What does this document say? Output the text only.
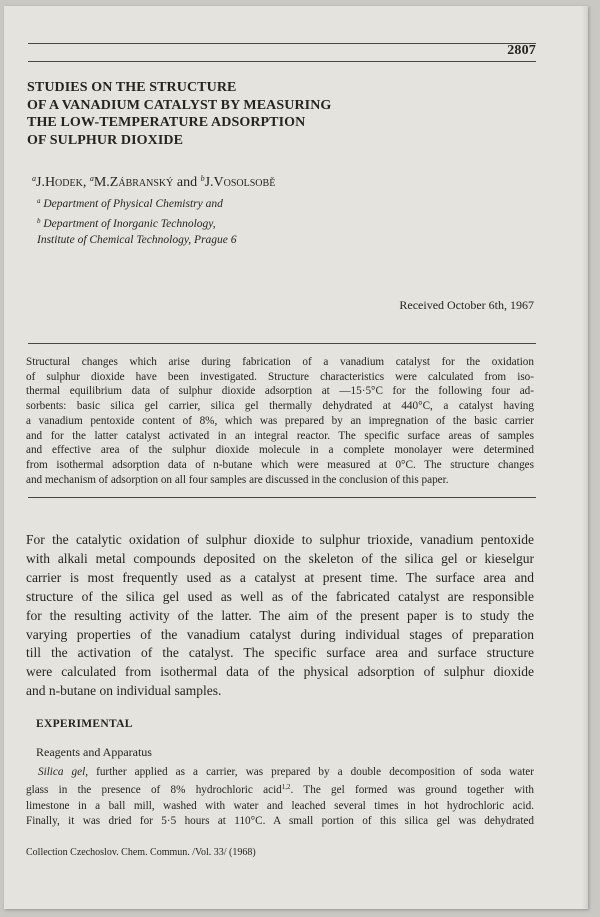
2807
STUDIES ON THE STRUCTURE
OF A VANADIUM CATALYST BY MEASURING
THE LOW-TEMPERATURE ADSORPTION
OF SULPHUR DIOXIDE
$^a$J.Hodek, $^a$M.Zábranský and $^b$J.Vosolsobě
$^a$ Department of Physical Chemistry and
$^b$ Department of Inorganic Technology,
Institute of Chemical Technology, Prague 6
Received October 6th, 1967
Structural changes which arise during fabrication of a vanadium catalyst for the oxidation
of sulphur dioxide have been investigated. Structure characteristics were calculated from iso-
thermal equilibrium data of sulphur dioxide adsorption at —15·5°C for the following four ad-
sorbents: basic silica gel carrier, silica gel thermally dehydrated at 440°C, a catalyst having
a vanadium pentoxide content of 8%, which was prepared by an impregnation of the basic carrier
and for the latter catalyst activated in an integral reactor. The specific surface areas of samples
and effective area of the sulphur dioxide molecule in a complete monolayer were determined
from isothermal adsorption data of n-butane which were measured at 0°C. The structure changes
and mechanism of adsorption on all four samples are discussed in the conclusion of this paper.
For the catalytic oxidation of sulphur dioxide to sulphur trioxide, vanadium pentoxide
with alkali metal compounds deposited on the skeleton of the silica gel or kieselgur
carrier is most frequently used as a catalyst at present time. The surface area and
structure of the silica gel used as well as of the fabricated catalyst are responsible
for the resulting activity of the latter. The aim of the present paper is to study the
varying properties of the vanadium catalyst during individual stages of preparation
till the activation of the catalyst. The specific surface area and surface structure
were calculated from isothermal data of the physical adsorption of sulphur dioxide
and n-butane on individual samples.
EXPERIMENTAL
Reagents and Apparatus
Silica gel, further applied as a carrier, was prepared by a double decomposition of soda water
glass in the presence of 8% hydrochloric acid$^{1,2}$. The gel formed was ground together with
limestone in a ball mill, washed with water and leached several times in hot hydrochloric acid.
Finally, it was dried for 5·5 hours at 110°C. A small portion of this silica gel was dehydrated
Collection Czechoslov. Chem. Commun. /Vol. 33/ (1968)
